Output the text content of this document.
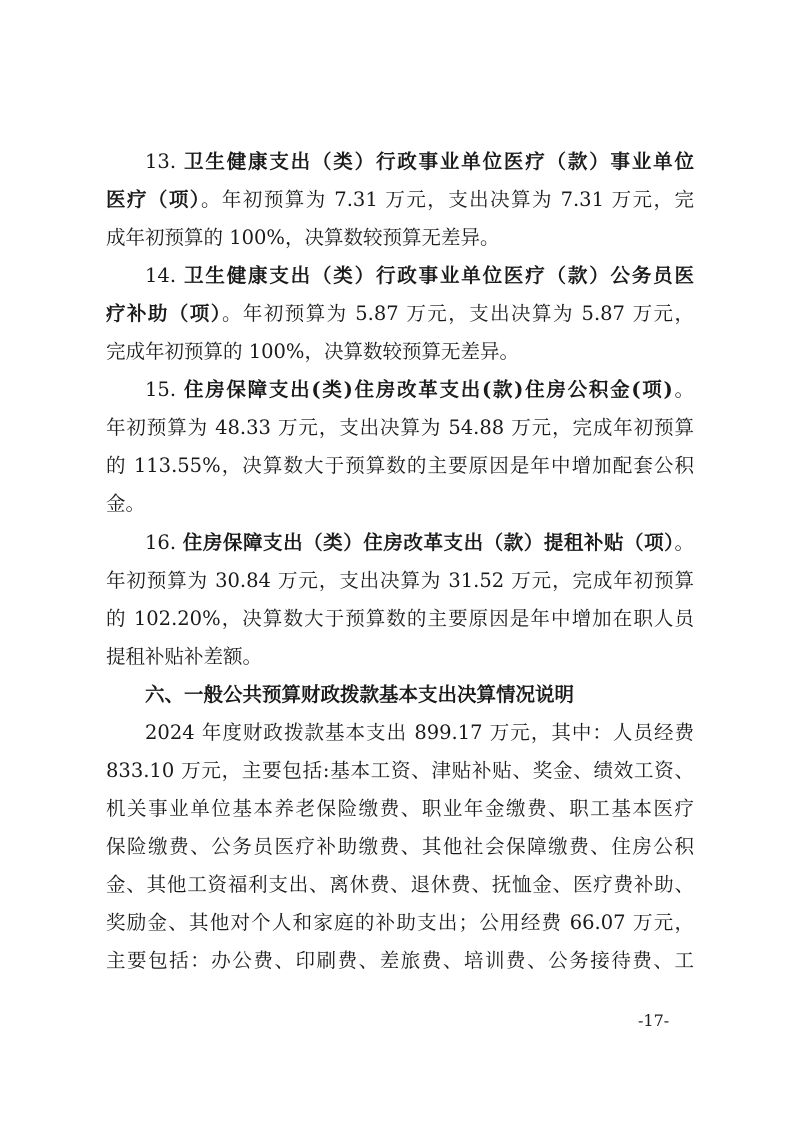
13. 卫生健康支出（类）行政事业单位医疗（款）事业单位
医疗（项）。年初预算为 7.31 万元，支出决算为 7.31 万元，完
成年初预算的 100%，决算数较预算无差异。
14. 卫生健康支出（类）行政事业单位医疗（款）公务员医
疗补助（项）。年初预算为 5.87 万元，支出决算为 5.87 万元，
完成年初预算的 100%，决算数较预算无差异。
15. 住房保障支出(类)住房改革支出(款)住房公积金(项)。
年初预算为 48.33 万元，支出决算为 54.88 万元，完成年初预算
的 113.55%，决算数大于预算数的主要原因是年中增加配套公积
金。
16. 住房保障支出（类）住房改革支出（款）提租补贴（项）。
年初预算为 30.84 万元，支出决算为 31.52 万元，完成年初预算
的 102.20%，决算数大于预算数的主要原因是年中增加在职人员
提租补贴补差额。
六、一般公共预算财政拨款基本支出决算情况说明
2024 年度财政拨款基本支出 899.17 万元，其中：人员经费
833.10 万元，主要包括:基本工资、津贴补贴、奖金、绩效工资、
机关事业单位基本养老保险缴费、职业年金缴费、职工基本医疗
保险缴费、公务员医疗补助缴费、其他社会保障缴费、住房公积
金、其他工资福利支出、离休费、退休费、抚恤金、医疗费补助、
奖励金、其他对个人和家庭的补助支出；公用经费 66.07 万元，
主要包括：办公费、印刷费、差旅费、培训费、公务接待费、工
-17-
